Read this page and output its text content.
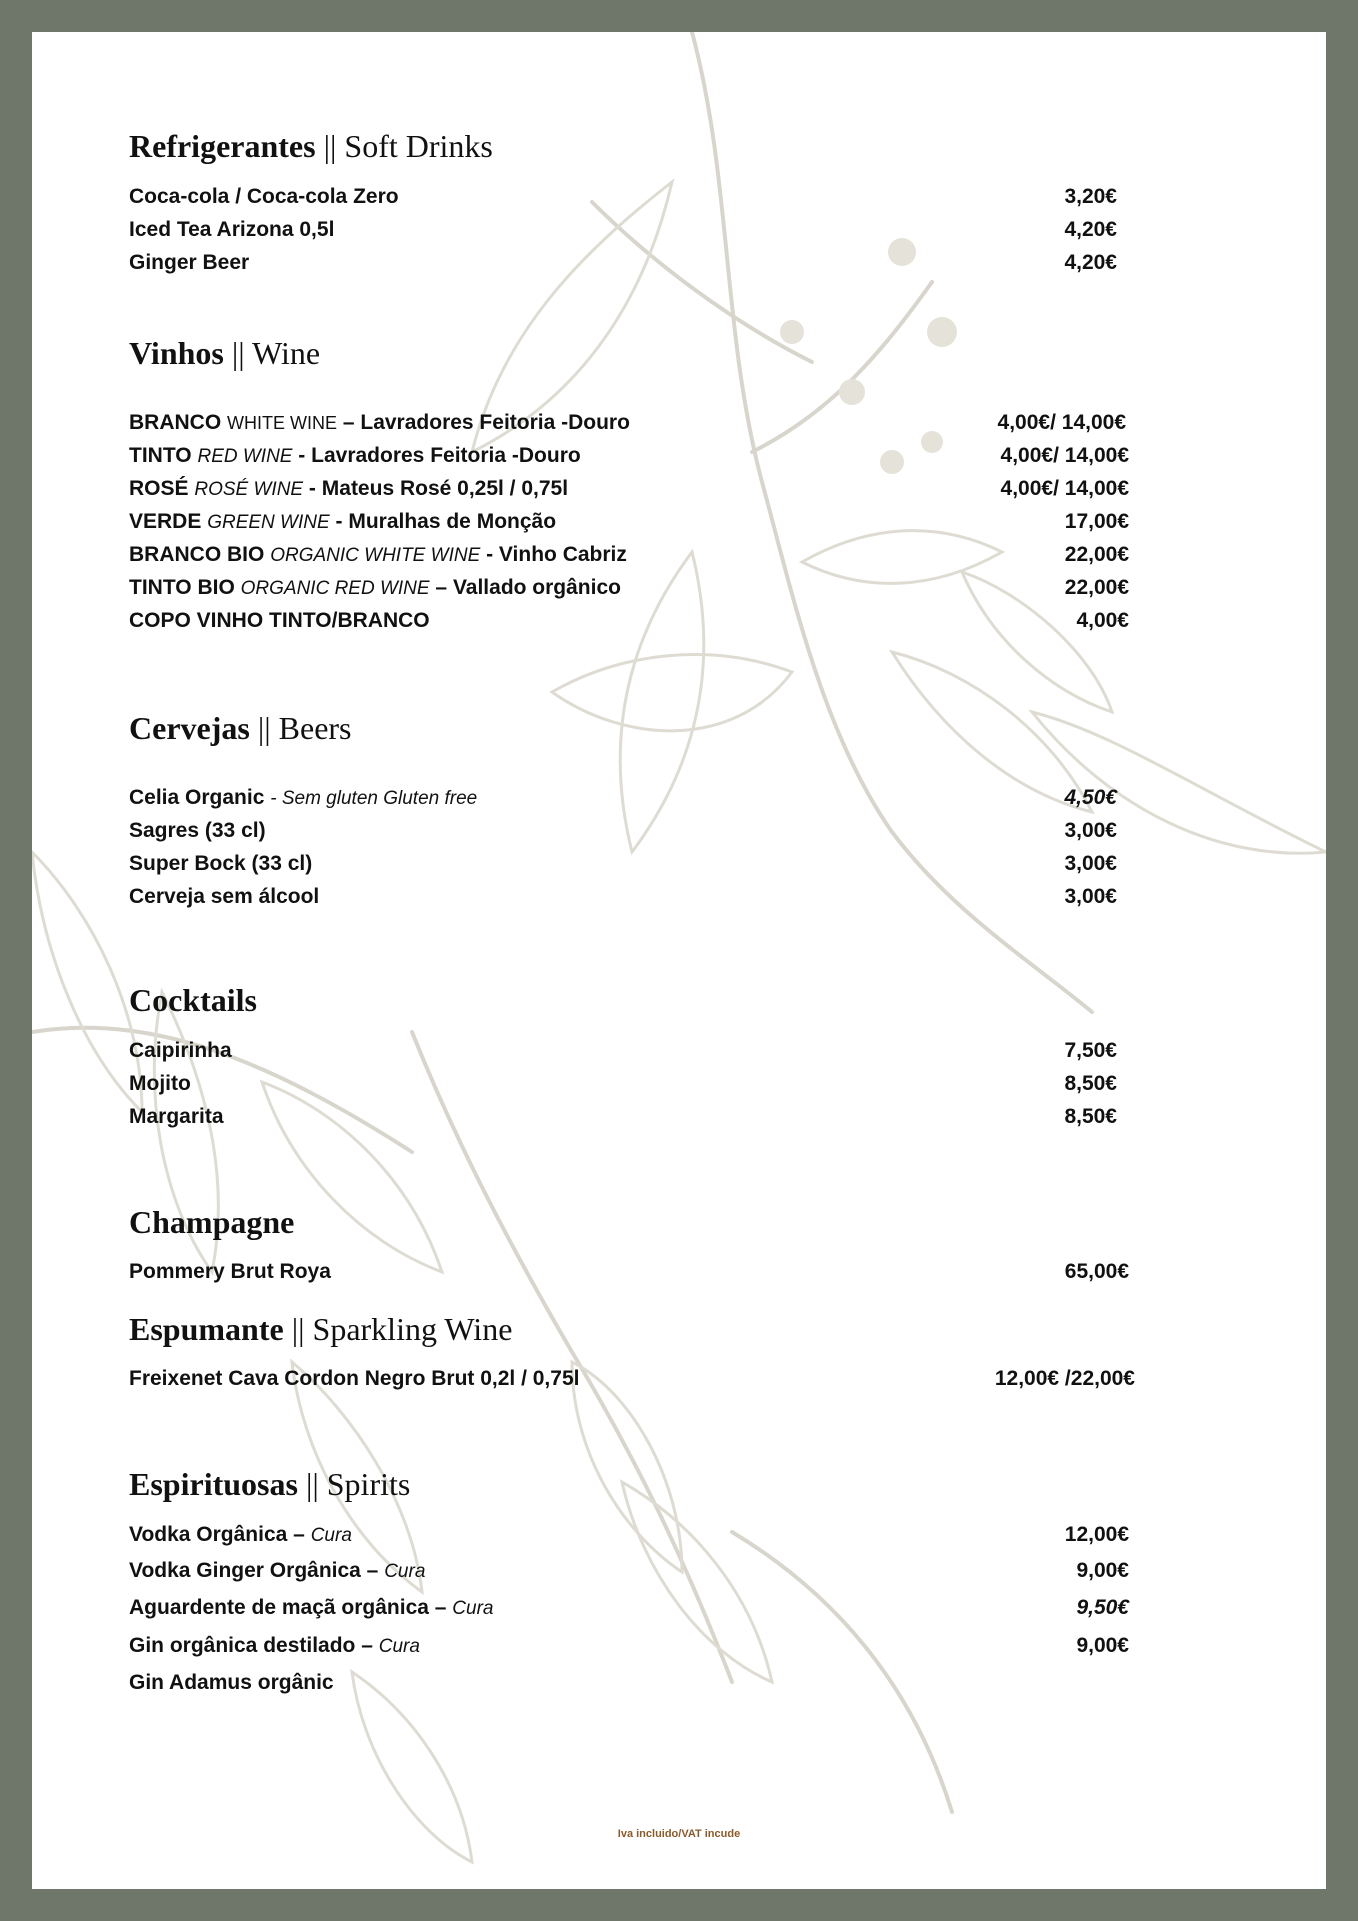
Refrigerantes || Soft Drinks
Coca-cola / Coca-cola Zero	3,20€
Iced Tea Arizona 0,5l	4,20€
Ginger Beer	4,20€
Vinhos || Wine
BRANCO WHITE WINE – Lavradores Feitoria -Douro	4,00€/ 14,00€
TINTO RED WINE - Lavradores Feitoria -Douro	4,00€/ 14,00€
ROSÉ ROSÉ WINE - Mateus Rosé 0,25l / 0,75l	4,00€/ 14,00€
VERDE GREEN WINE - Muralhas de Monção	17,00€
BRANCO BIO ORGANIC WHITE WINE - Vinho Cabriz	22,00€
TINTO BIO ORGANIC RED WINE – Vallado orgânico	22,00€
COPO VINHO TINTO/BRANCO	4,00€
Cervejas || Beers
Celia Organic - Sem gluten Gluten free	4,50€
Sagres (33 cl)	3,00€
Super Bock (33 cl)	3,00€
Cerveja sem álcool	3,00€
Cocktails
Caipirinha	7,50€
Mojito	8,50€
Margarita	8,50€
Champagne
Pommery Brut Roya	65,00€
Espumante || Sparkling Wine
Freixenet Cava Cordon Negro Brut 0,2l / 0,75l	12,00€ /22,00€
Espirituosas || Spirits
Vodka Orgânica – Cura	12,00€
Vodka Ginger Orgânica – Cura	9,00€
Aguardente de maçã orgânica – Cura	9,50€
Gin orgânica destilado – Cura	9,00€
Gin Adamus orgânic
Iva incluido/VAT incude
